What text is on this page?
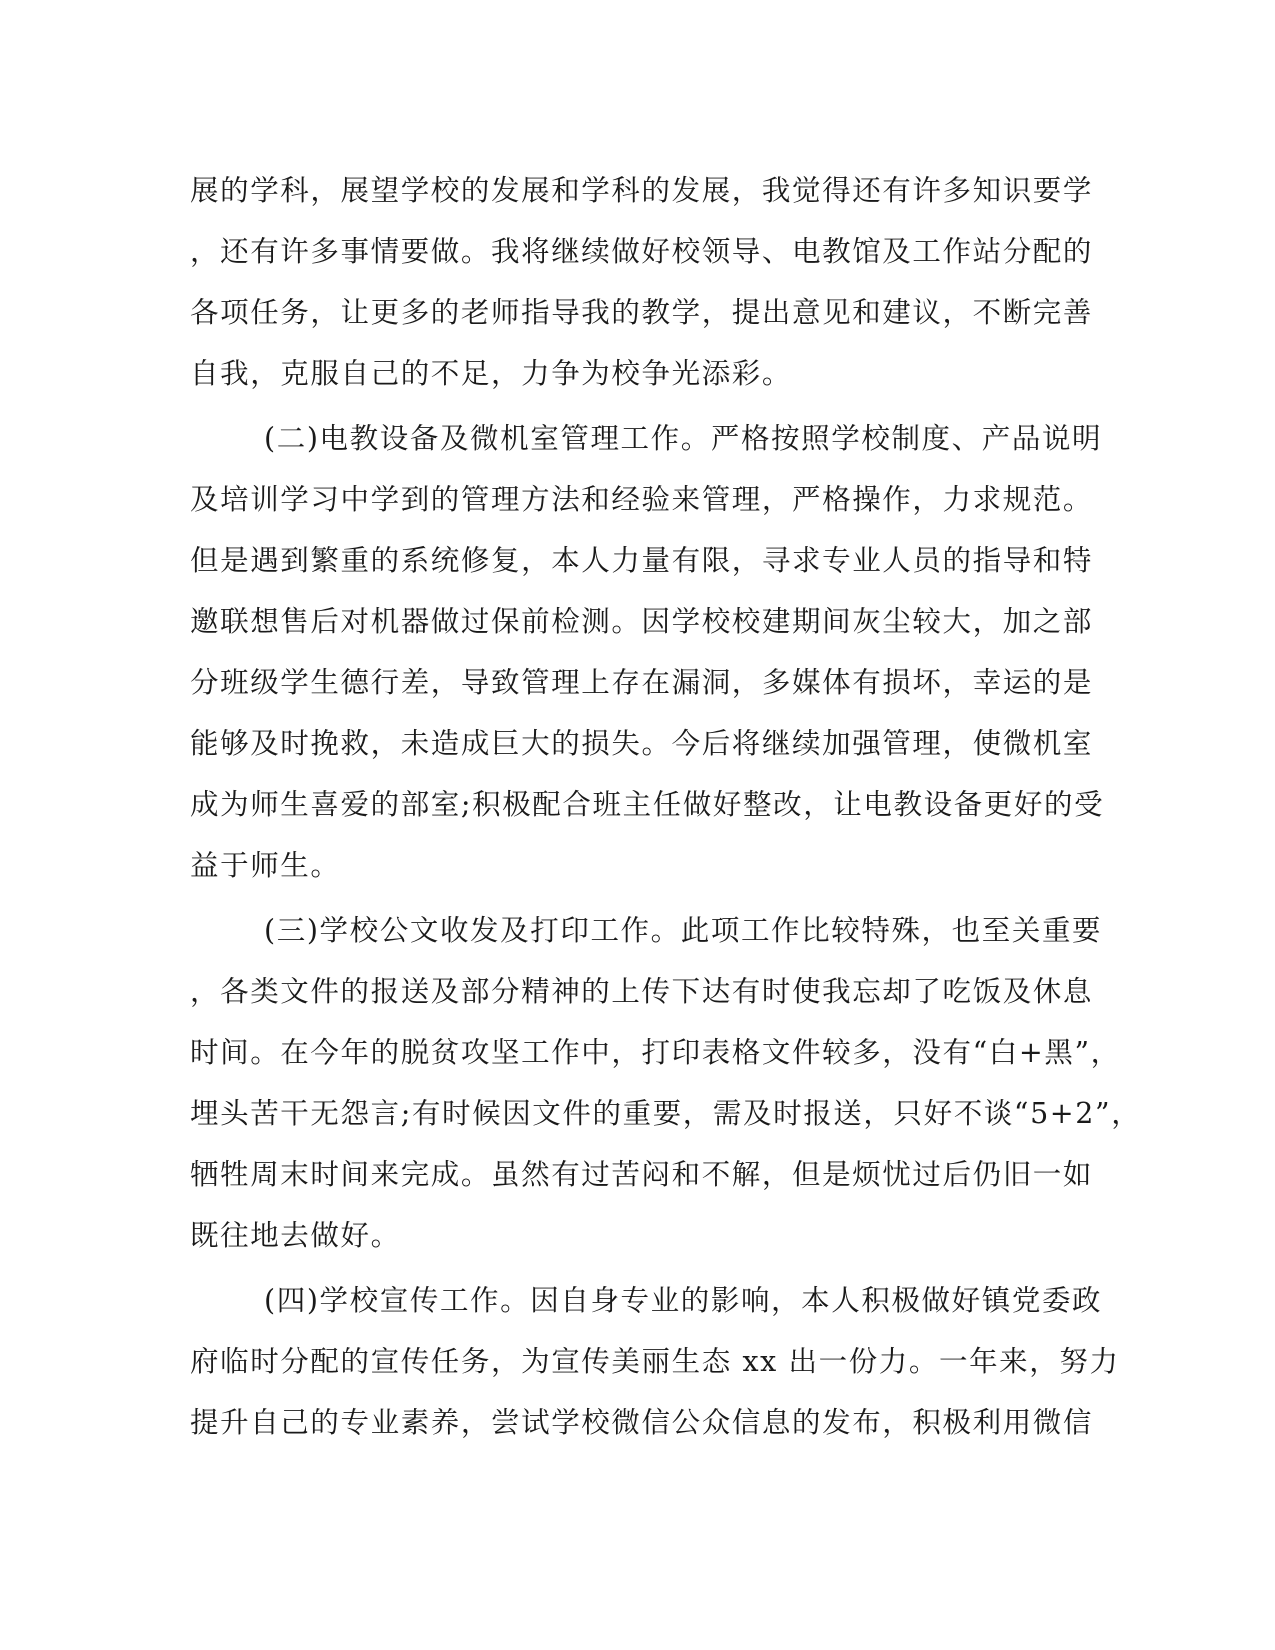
展的学科，展望学校的发展和学科的发展，我觉得还有许多知识要学
，还有许多事情要做。我将继续做好校领导、电教馆及工作站分配的
各项任务，让更多的老师指导我的教学，提出意见和建议，不断完善
自我，克服自己的不足，力争为校争光添彩。
(二)电教设备及微机室管理工作。严格按照学校制度、产品说明
及培训学习中学到的管理方法和经验来管理，严格操作，力求规范。
但是遇到繁重的系统修复，本人力量有限，寻求专业人员的指导和特
邀联想售后对机器做过保前检测。因学校校建期间灰尘较大，加之部
分班级学生德行差，导致管理上存在漏洞，多媒体有损坏，幸运的是
能够及时挽救，未造成巨大的损失。今后将继续加强管理，使微机室
成为师生喜爱的部室;积极配合班主任做好整改，让电教设备更好的受
益于师生。
(三)学校公文收发及打印工作。此项工作比较特殊，也至关重要
，各类文件的报送及部分精神的上传下达有时使我忘却了吃饭及休息
时间。在今年的脱贫攻坚工作中，打印表格文件较多，没有“白+黑”，
埋头苦干无怨言;有时候因文件的重要，需及时报送，只好不谈“5+2”，
牺牲周末时间来完成。虽然有过苦闷和不解，但是烦忧过后仍旧一如
既往地去做好。
(四)学校宣传工作。因自身专业的影响，本人积极做好镇党委政
府临时分配的宣传任务，为宣传美丽生态 xx 出一份力。一年来，努力
提升自己的专业素养，尝试学校微信公众信息的发布，积极利用微信
